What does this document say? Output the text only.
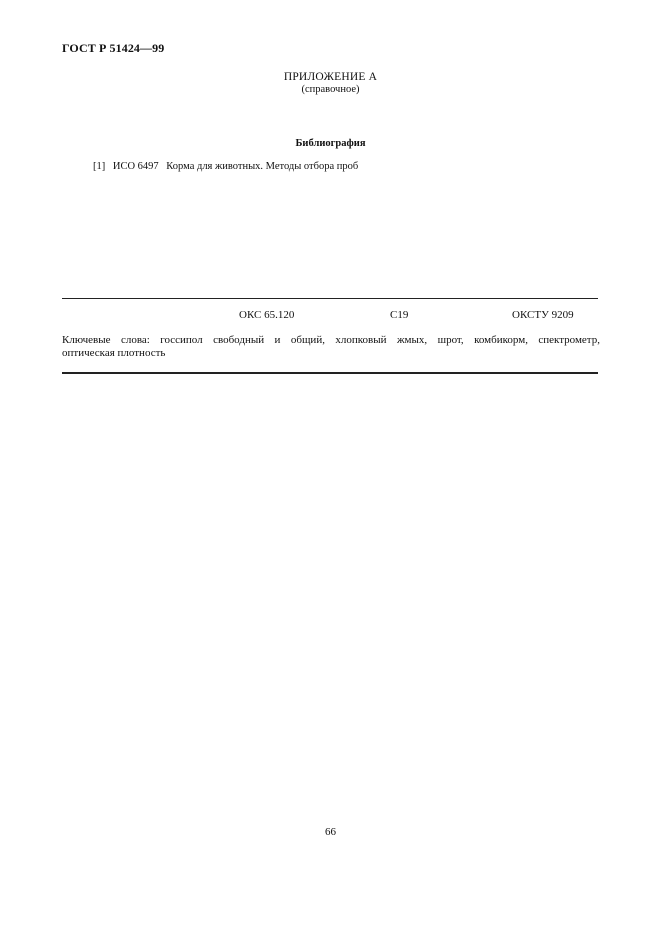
ГОСТ Р 51424—99
ПРИЛОЖЕНИЕ А
(справочное)
Библиография
[1] ИСО 6497 Корма для животных. Методы отбора проб
ОКС 65.120	С19	ОКСТУ 9209
Ключевые слова: госсипол свободный и общий, хлопковый жмых, шрот, комбикорм, спектрометр,
оптическая плотность
66
